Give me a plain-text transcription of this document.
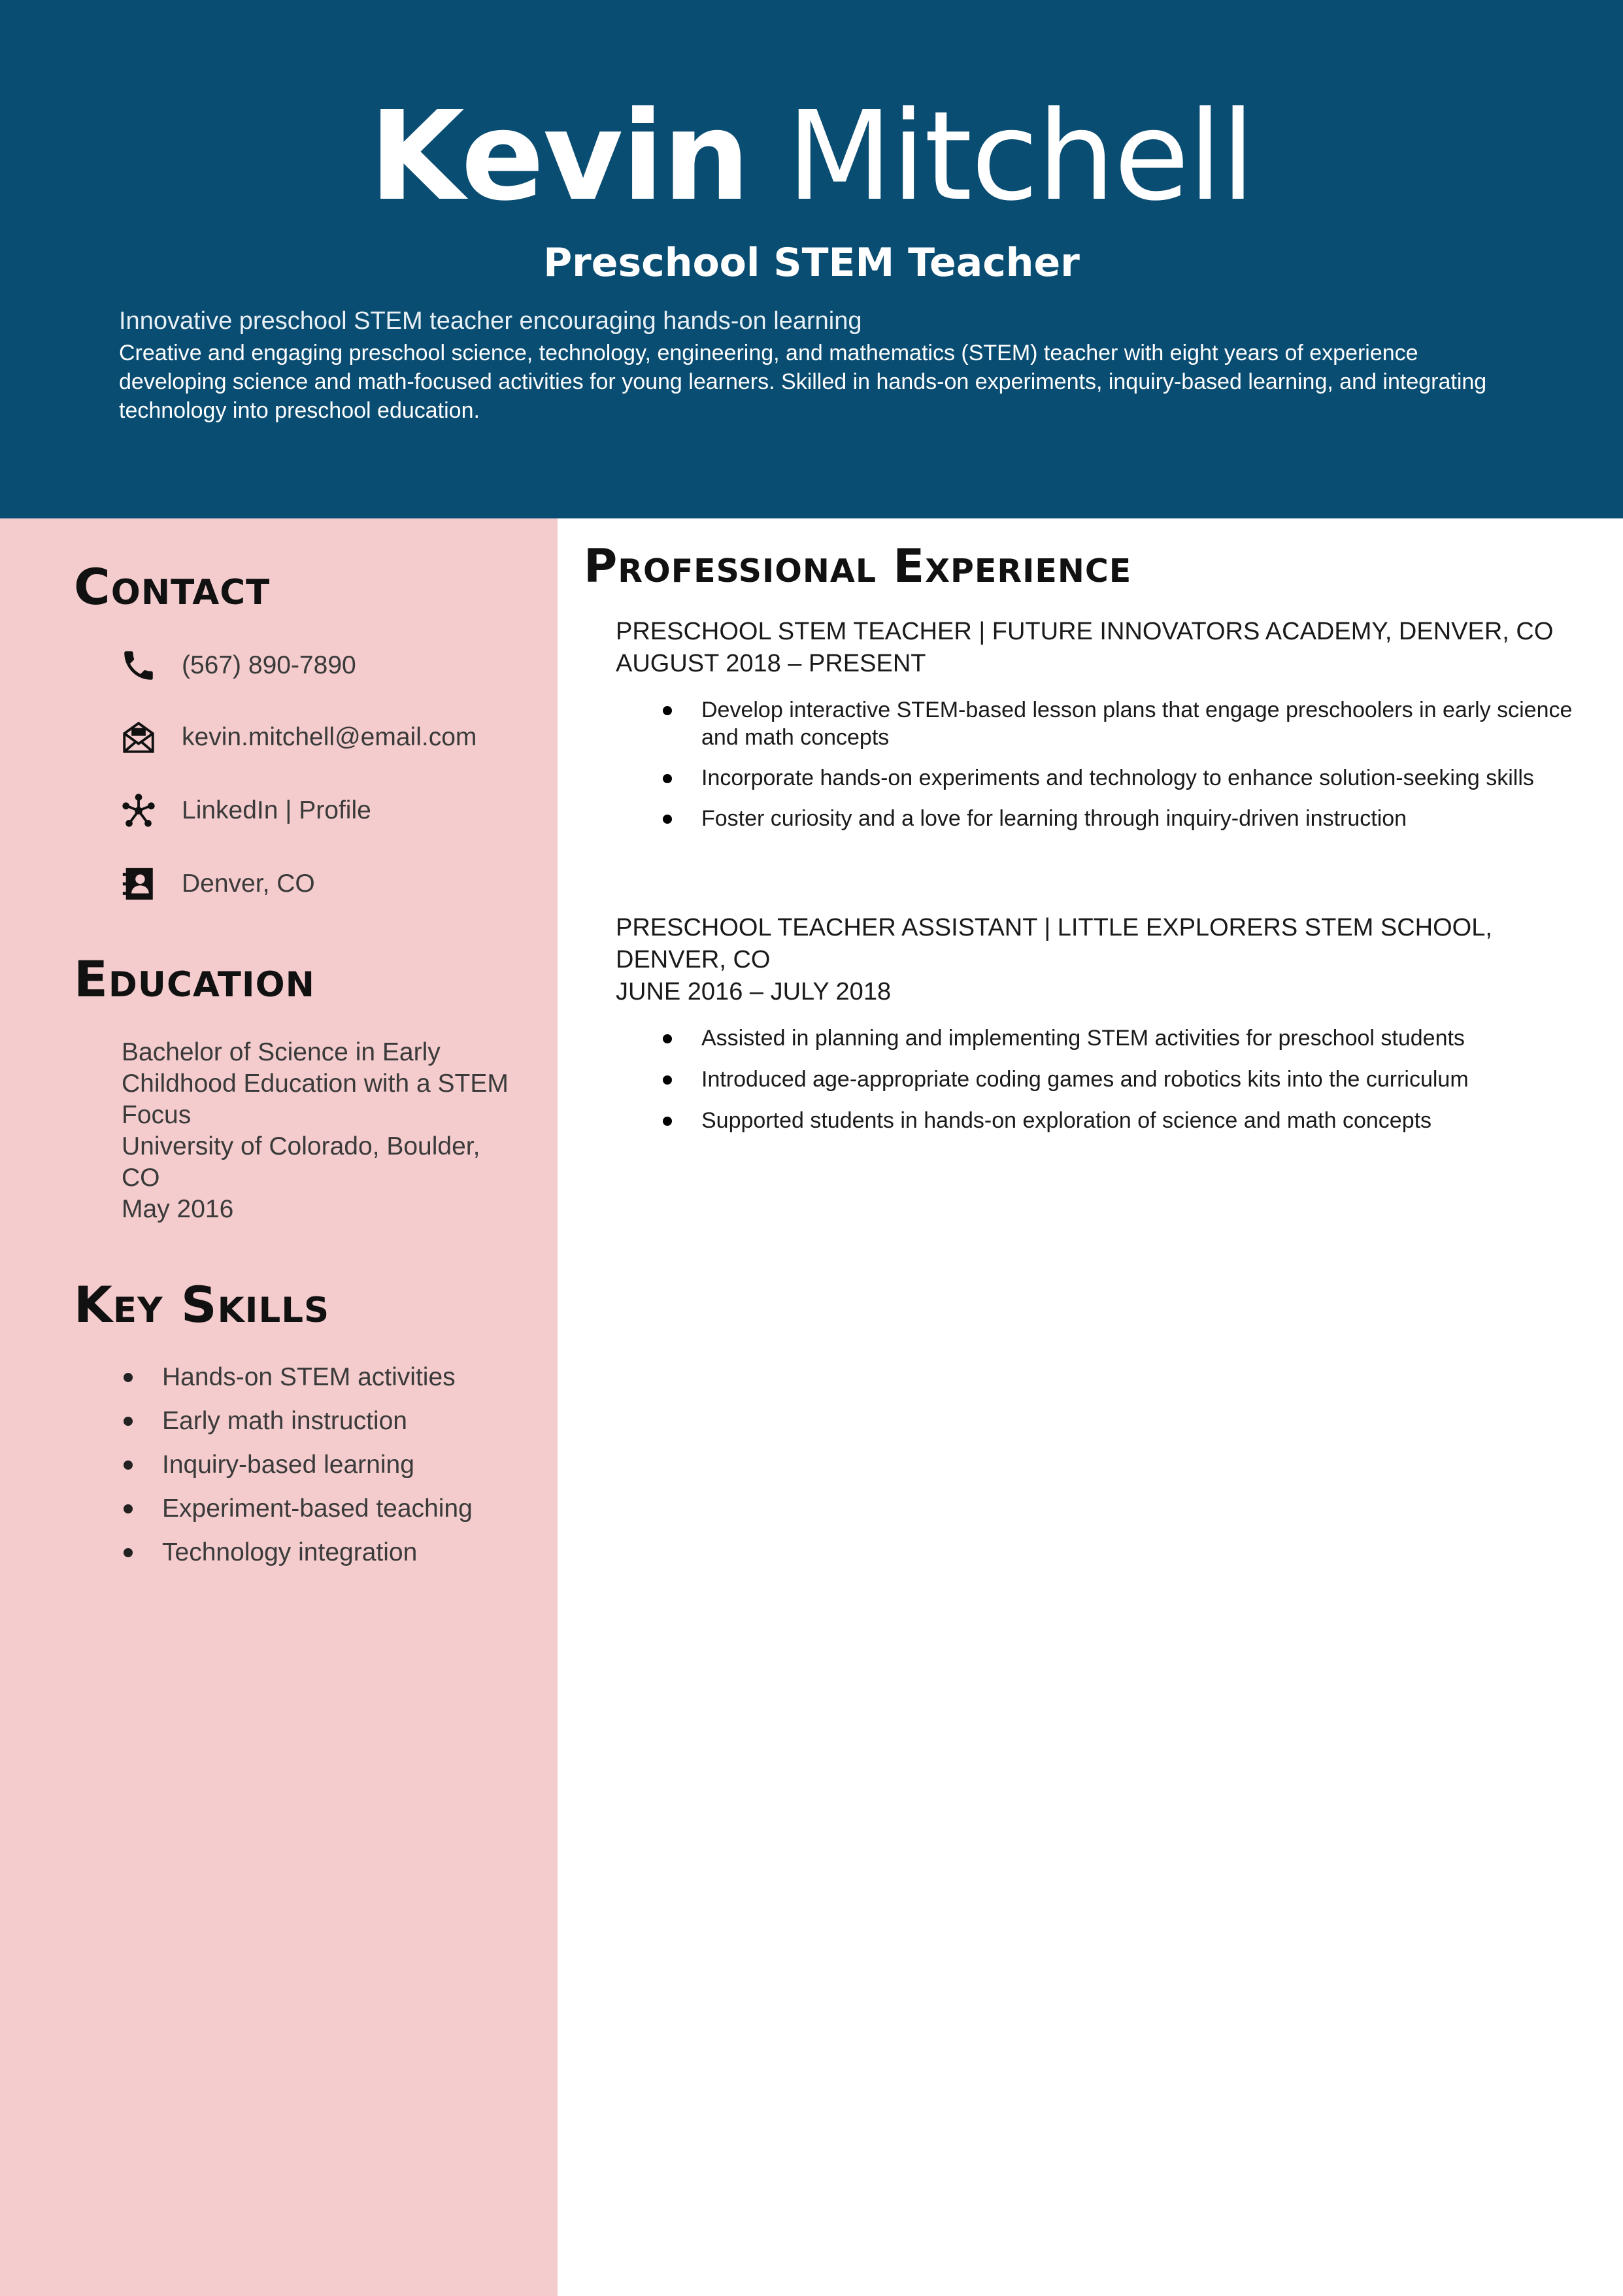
Kevin Mitchell
Preschool STEM Teacher
Innovative preschool STEM teacher encouraging hands-on learning
Creative and engaging preschool science, technology, engineering, and mathematics (STEM) teacher with eight years of experience developing science and math-focused activities for young learners. Skilled in hands-on experiments, inquiry-based learning, and integrating technology into preschool education.
Contact
(567) 890-7890
kevin.mitchell@email.com
LinkedIn | Profile
Denver, CO
Education
Bachelor of Science in Early Childhood Education with a STEM Focus
University of Colorado, Boulder, CO
May 2016
Key Skills
Hands-on STEM activities
Early math instruction
Inquiry-based learning
Experiment-based teaching
Technology integration
Professional Experience
PRESCHOOL STEM TEACHER | FUTURE INNOVATORS ACADEMY, DENVER, CO
AUGUST 2018 – PRESENT
Develop interactive STEM-based lesson plans that engage preschoolers in early science and math concepts
Incorporate hands-on experiments and technology to enhance solution-seeking skills
Foster curiosity and a love for learning through inquiry-driven instruction
PRESCHOOL TEACHER ASSISTANT | LITTLE EXPLORERS STEM SCHOOL, DENVER, CO
JUNE 2016 – JULY 2018
Assisted in planning and implementing STEM activities for preschool students
Introduced age-appropriate coding games and robotics kits into the curriculum
Supported students in hands-on exploration of science and math concepts
